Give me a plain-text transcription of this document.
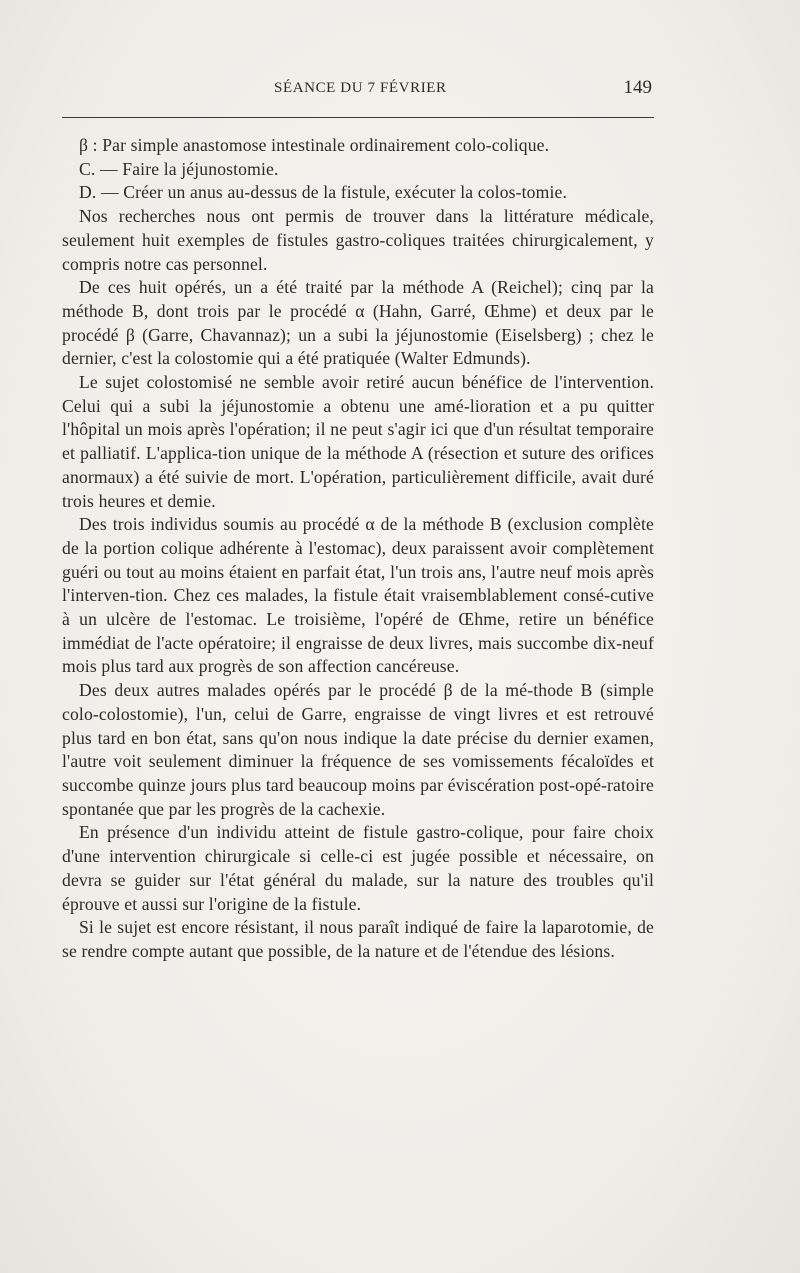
SÉANCE DU 7 FÉVRIER	149

β : Par simple anastomose intestinale ordinairement colo-colique.

C. — Faire la jéjunostomie.

D. — Créer un anus au-dessus de la fistule, exécuter la colos-tomie.

Nos recherches nous ont permis de trouver dans la littérature médicale, seulement huit exemples de fistules gastro-coliques traitées chirurgicalement, y compris notre cas personnel.

De ces huit opérés, un a été traité par la méthode A (Reichel); cinq par la méthode B, dont trois par le procédé α (Hahn, Garré, Œhme) et deux par le procédé β (Garre, Chavannaz); un a subi la jéjunostomie (Eiselsberg) ; chez le dernier, c'est la colostomie qui a été pratiquée (Walter Edmunds).

Le sujet colostomisé ne semble avoir retiré aucun bénéfice de l'intervention. Celui qui a subi la jéjunostomie a obtenu une amé-lioration et a pu quitter l'hôpital un mois après l'opération; il ne peut s'agir ici que d'un résultat temporaire et palliatif. L'applica-tion unique de la méthode A (résection et suture des orifices anormaux) a été suivie de mort. L'opération, particulièrement difficile, avait duré trois heures et demie.

Des trois individus soumis au procédé α de la méthode B (exclusion complète de la portion colique adhérente à l'estomac), deux paraissent avoir complètement guéri ou tout au moins étaient en parfait état, l'un trois ans, l'autre neuf mois après l'interven-tion. Chez ces malades, la fistule était vraisemblablement consé-cutive à un ulcère de l'estomac. Le troisième, l'opéré de Œhme, retire un bénéfice immédiat de l'acte opératoire; il engraisse de deux livres, mais succombe dix-neuf mois plus tard aux progrès de son affection cancéreuse.

Des deux autres malades opérés par le procédé β de la mé-thode B (simple colo-colostomie), l'un, celui de Garre, engraisse de vingt livres et est retrouvé plus tard en bon état, sans qu'on nous indique la date précise du dernier examen, l'autre voit seulement diminuer la fréquence de ses vomissements fécaloïdes et succombe quinze jours plus tard beaucoup moins par éviscération post-opé-ratoire spontanée que par les progrès de la cachexie.

En présence d'un individu atteint de fistule gastro-colique, pour faire choix d'une intervention chirurgicale si celle-ci est jugée possible et nécessaire, on devra se guider sur l'état général du malade, sur la nature des troubles qu'il éprouve et aussi sur l'origine de la fistule.

Si le sujet est encore résistant, il nous paraît indiqué de faire la laparotomie, de se rendre compte autant que possible, de la nature et de l'étendue des lésions.
